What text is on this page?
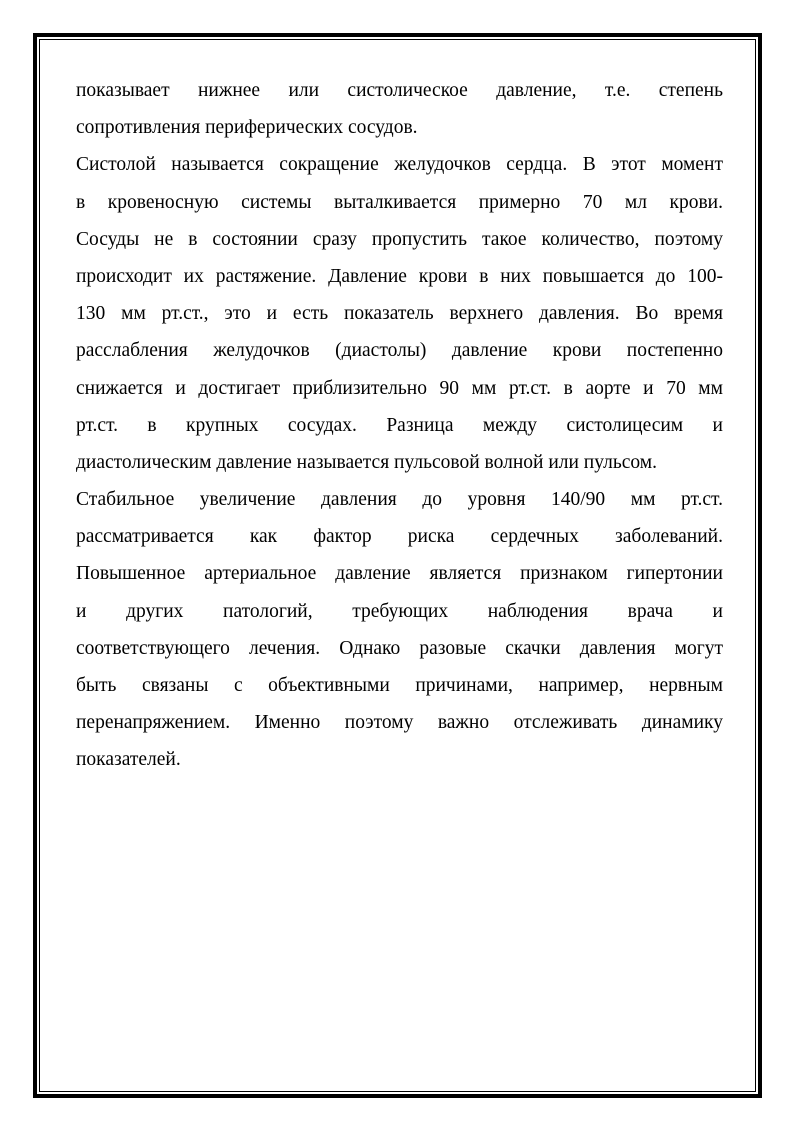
показывает нижнее или систолическое давление, т.е. степень
сопротивления периферических сосудов.
Систолой называется сокращение желудочков сердца. В этот момент
в кровеносную системы выталкивается примерно 70 мл крови.
Сосуды не в состоянии сразу пропустить такое количество, поэтому
происходит их растяжение. Давление крови в них повышается до 100-
130 мм рт.ст., это и есть показатель верхнего давления. Во время
расслабления желудочков (диастолы) давление крови постепенно
снижается и достигает приблизительно 90 мм рт.ст. в аорте и 70 мм
рт.ст. в крупных сосудах. Разница между систолицесим и
диастолическим давление называется пульсовой волной или пульсом.
Стабильное увеличение давления до уровня 140/90 мм рт.ст.
рассматривается как фактор риска сердечных заболеваний.
Повышенное артериальное давление является признаком гипертонии
и других патологий, требующих наблюдения врача и
соответствующего лечения. Однако разовые скачки давления могут
быть связаны с объективными причинами, например, нервным
перенапряжением. Именно поэтому важно отслеживать динамику
показателей.
